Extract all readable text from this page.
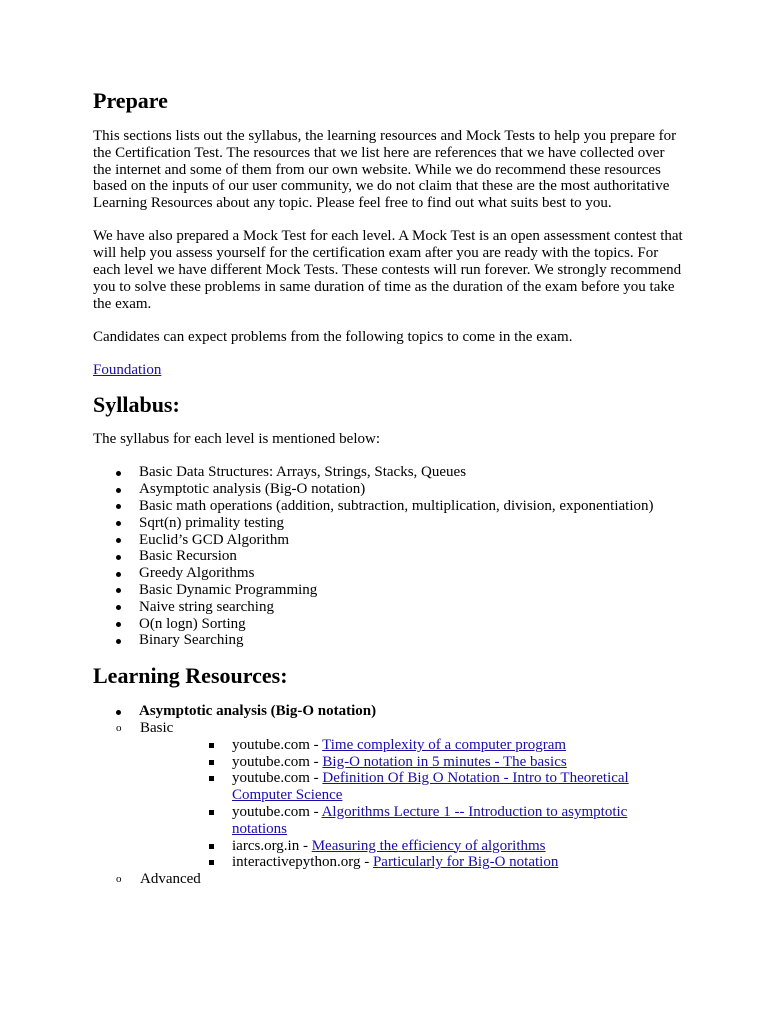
Prepare

This sections lists out the syllabus, the learning resources and Mock Tests to help you prepare for the Certification Test. The resources that we list here are references that we have collected over the internet and some of them from our own website. While we do recommend these resources based on the inputs of our user community, we do not claim that these are the most authoritative Learning Resources about any topic. Please feel free to find out what suits best to you.

We have also prepared a Mock Test for each level. A Mock Test is an open assessment contest that will help you assess yourself for the certification exam after you are ready with the topics. For each level we have different Mock Tests. These contests will run forever. We strongly recommend you to solve these problems in same duration of time as the duration of the exam before you take the exam.

Candidates can expect problems from the following topics to come in the exam.

Foundation

Syllabus:

The syllabus for each level is mentioned below:

Basic Data Structures: Arrays, Strings, Stacks, Queues
Asymptotic analysis (Big-O notation)
Basic math operations (addition, subtraction, multiplication, division, exponentiation)
Sqrt(n) primality testing
Euclid’s GCD Algorithm
Basic Recursion
Greedy Algorithms
Basic Dynamic Programming
Naive string searching
O(n logn) Sorting
Binary Searching
Learning Resources:
Asymptotic analysis (Big-O notation)
o	Basic
youtube.com - Time complexity of a computer program
youtube.com - Big-O notation in 5 minutes - The basics
youtube.com - Definition Of Big O Notation - Intro to Theoretical Computer Science
youtube.com - Algorithms Lecture 1 -- Introduction to asymptotic notations
iarcs.org.in - Measuring the efficiency of algorithms
interactivepython.org - Particularly for Big-O notation
o	Advanced
